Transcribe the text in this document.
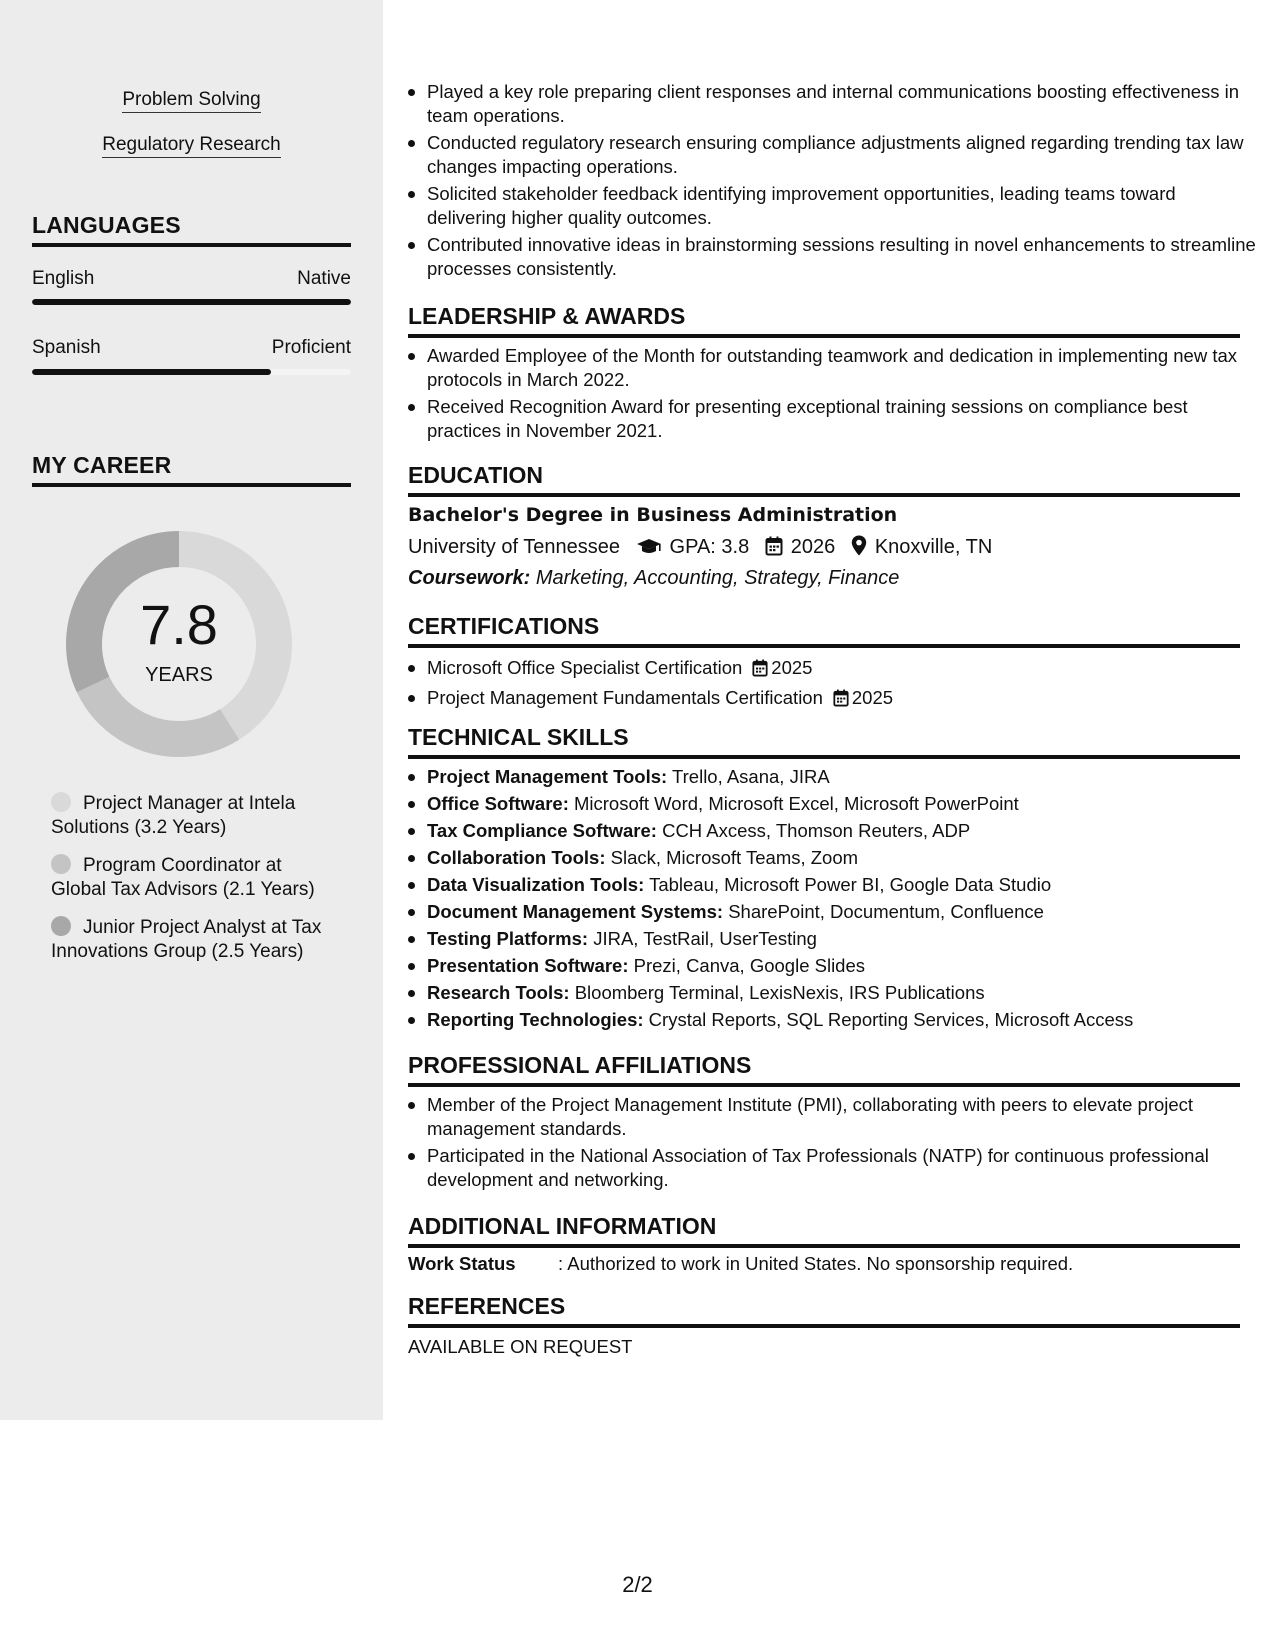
Problem Solving
Regulatory Research
LANGUAGES
English	Native
Spanish	Proficient
MY CAREER
7.8
YEARS
Project Manager at Intela Solutions (3.2 Years)
Program Coordinator at Global Tax Advisors (2.1 Years)
Junior Project Analyst at Tax Innovations Group (2.5 Years)
Played a key role preparing client responses and internal communications boosting effectiveness in team operations.
Conducted regulatory research ensuring compliance adjustments aligned regarding trending tax law changes impacting operations.
Solicited stakeholder feedback identifying improvement opportunities, leading teams toward delivering higher quality outcomes.
Contributed innovative ideas in brainstorming sessions resulting in novel enhancements to streamline processes consistently.
LEADERSHIP & AWARDS
Awarded Employee of the Month for outstanding teamwork and dedication in implementing new tax protocols in March 2022.
Received Recognition Award for presenting exceptional training sessions on compliance best practices in November 2021.
EDUCATION
Bachelor's Degree in Business Administration
University of Tennessee GPA: 3.8 2026 Knoxville, TN
Coursework: Marketing, Accounting, Strategy, Finance
CERTIFICATIONS
Microsoft Office Specialist Certification 2025
Project Management Fundamentals Certification 2025
TECHNICAL SKILLS
Project Management Tools: Trello, Asana, JIRA
Office Software: Microsoft Word, Microsoft Excel, Microsoft PowerPoint
Tax Compliance Software: CCH Axcess, Thomson Reuters, ADP
Collaboration Tools: Slack, Microsoft Teams, Zoom
Data Visualization Tools: Tableau, Microsoft Power BI, Google Data Studio
Document Management Systems: SharePoint, Documentum, Confluence
Testing Platforms: JIRA, TestRail, UserTesting
Presentation Software: Prezi, Canva, Google Slides
Research Tools: Bloomberg Terminal, LexisNexis, IRS Publications
Reporting Technologies: Crystal Reports, SQL Reporting Services, Microsoft Access
PROFESSIONAL AFFILIATIONS
Member of the Project Management Institute (PMI), collaborating with peers to elevate project management standards.
Participated in the National Association of Tax Professionals (NATP) for continuous professional development and networking.
ADDITIONAL INFORMATION
Work Status	: Authorized to work in United States. No sponsorship required.
REFERENCES
AVAILABLE ON REQUEST
2/2
